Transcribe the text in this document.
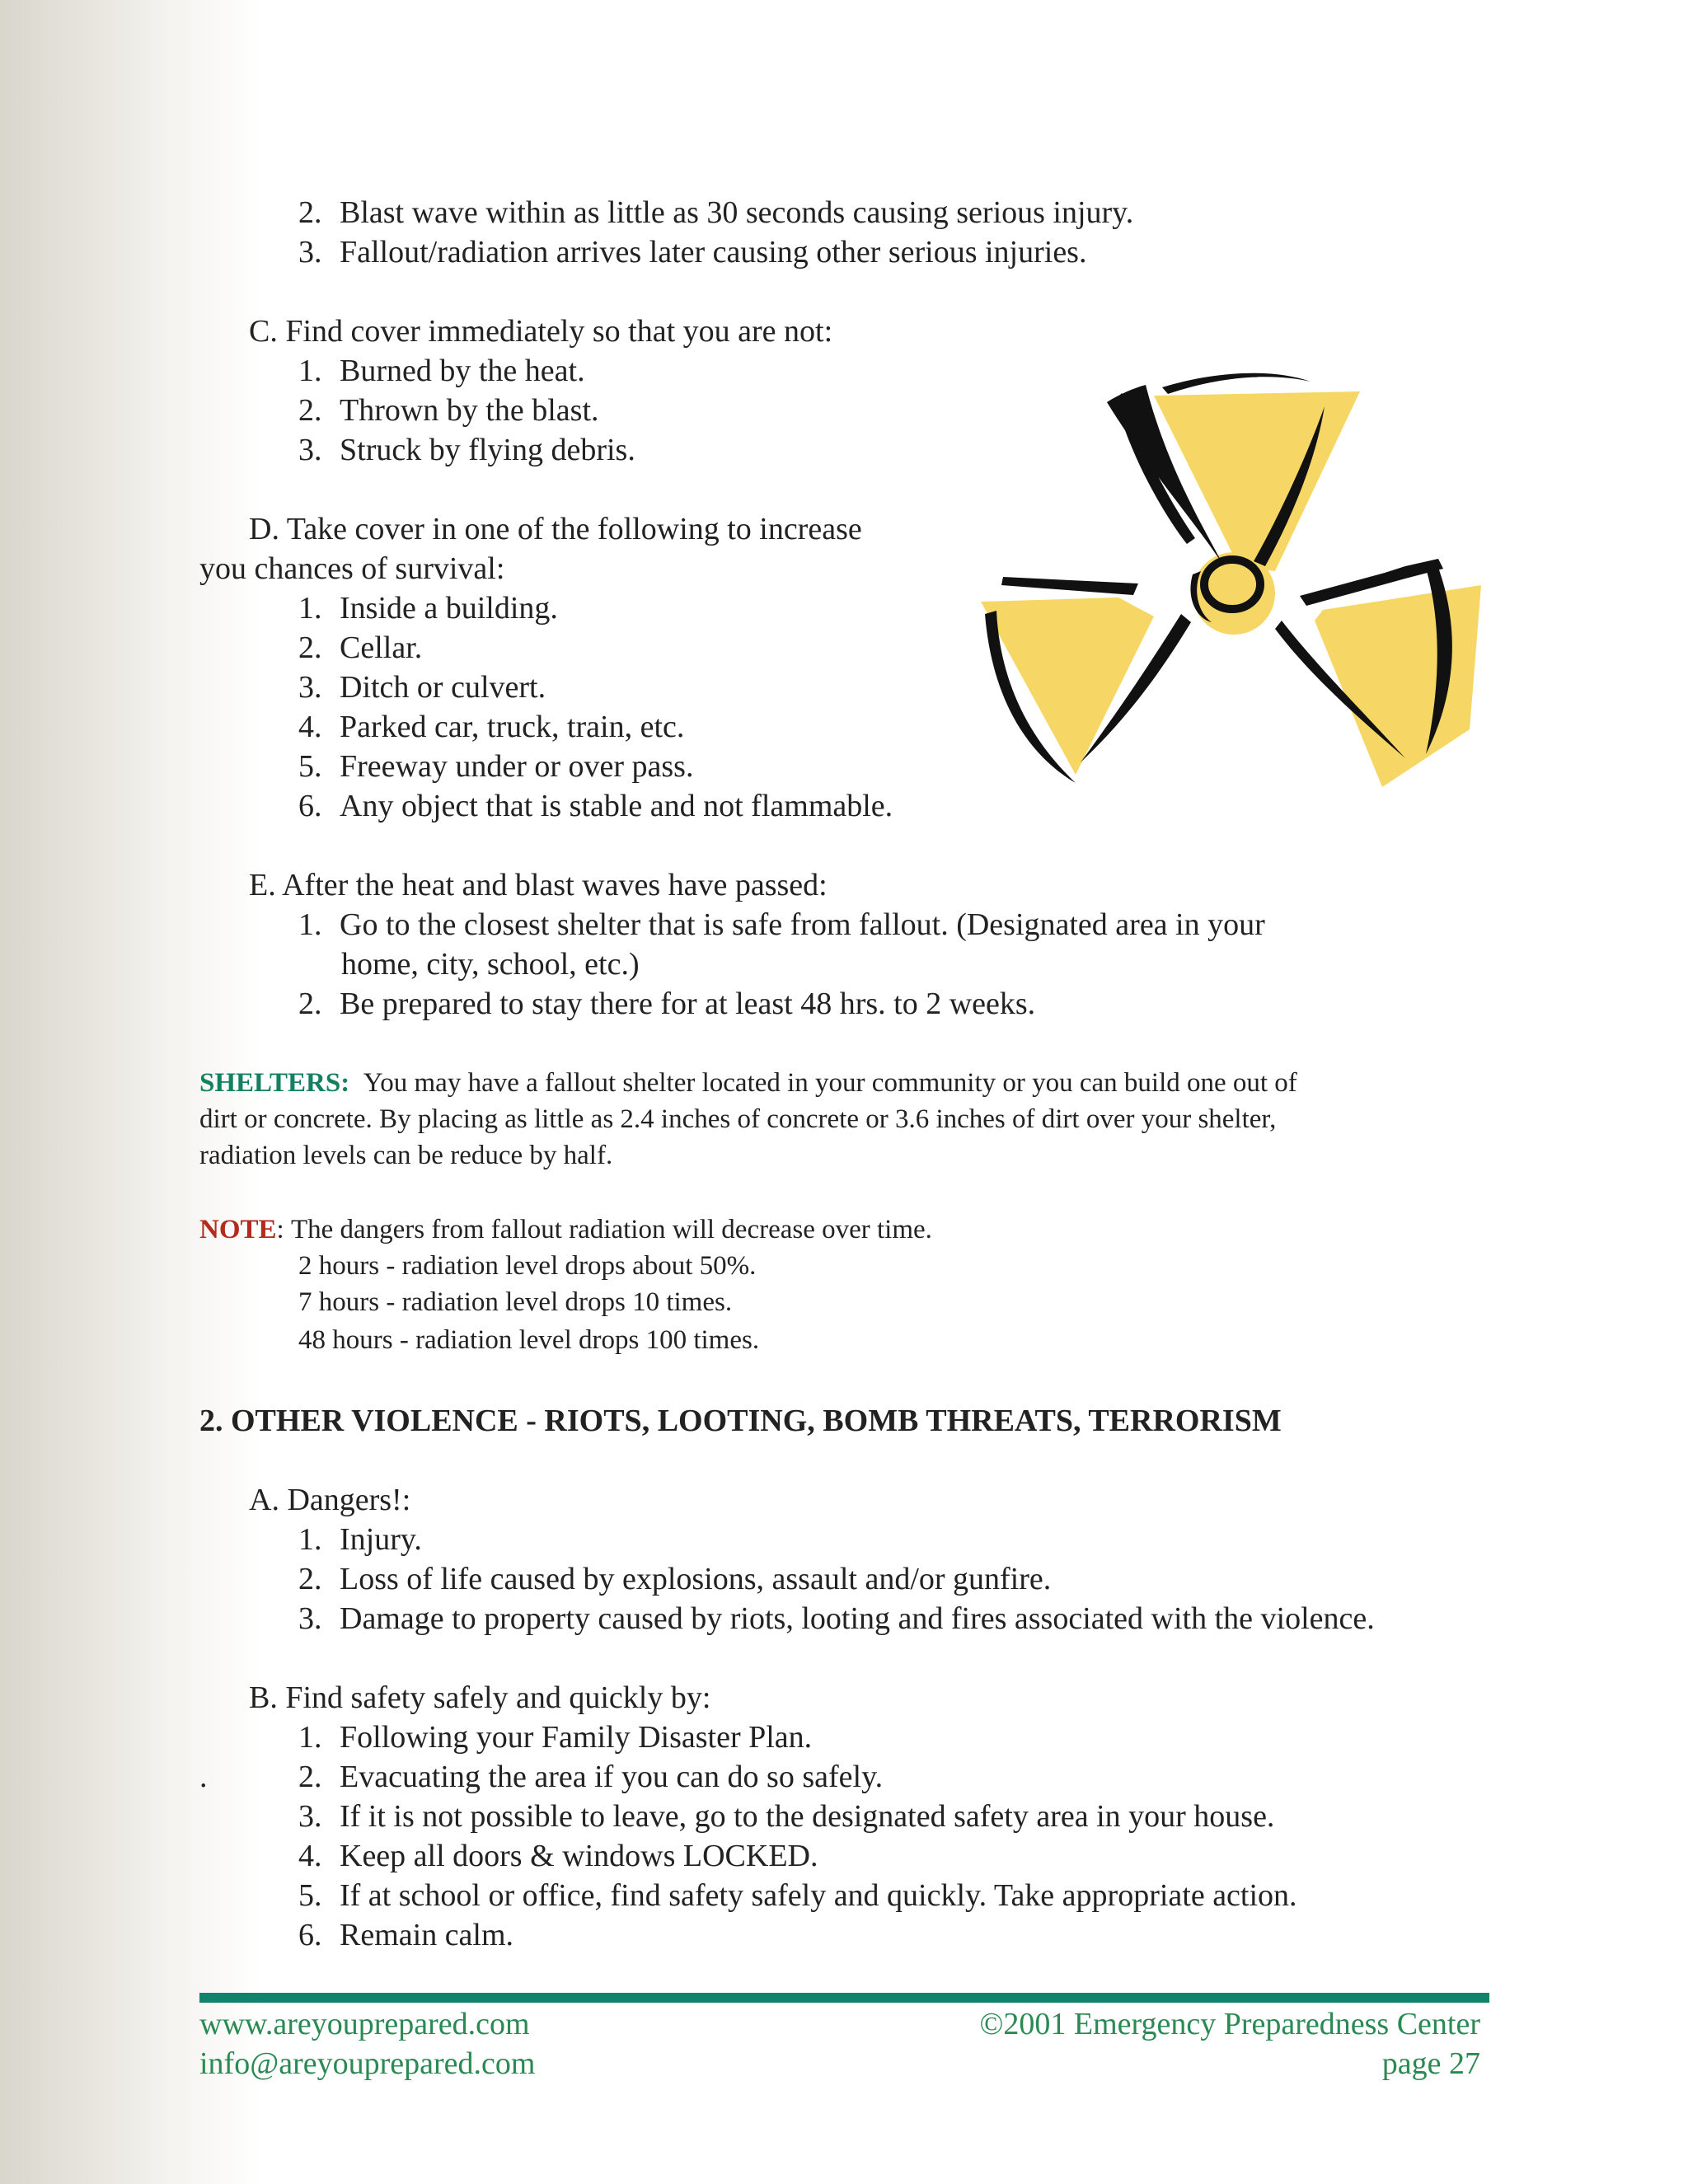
2. Blast wave within as little as 30 seconds causing serious injury.

3. Fallout/radiation arrives later causing other serious injuries.

C. Find cover immediately so that you are not:

1. Burned by the heat.

2. Thrown by the blast.

3. Struck by flying debris.

D. Take cover in one of the following to increase

you chances of survival:

1. Inside a building.

2. Cellar.

3. Ditch or culvert.

4. Parked car, truck, train, etc.

5. Freeway under or over pass.

6. Any object that is stable and not flammable.

E. After the heat and blast waves have passed:

1. Go to the closest shelter that is safe from fallout. (Designated area in your

home, city, school, etc.)

2. Be prepared to stay there for at least 48 hrs. to 2 weeks.

SHELTERS: You may have a fallout shelter located in your community or you can build one out of

dirt or concrete. By placing as little as 2.4 inches of concrete or 3.6 inches of dirt over your shelter,

radiation levels can be reduce by half.

NOTE: The dangers from fallout radiation will decrease over time.

2 hours - radiation level drops about 50%.

7 hours - radiation level drops 10 times.

48 hours - radiation level drops 100 times.

2. OTHER VIOLENCE - RIOTS, LOOTING, BOMB THREATS, TERRORISM

A. Dangers!:

1. Injury.

2. Loss of life caused by explosions, assault and/or gunfire.

3. Damage to property caused by riots, looting and fires associated with the violence.

B. Find safety safely and quickly by:

1. Following your Family Disaster Plan.

.	2. Evacuating the area if you can do so safely.

3. If it is not possible to leave, go to the designated safety area in your house.

4. Keep all doors & windows LOCKED.

5. If at school or office, find safety safely and quickly. Take appropriate action.

6. Remain calm.

www.areyouprepared.com
info@areyouprepared.com
©2001 Emergency Preparedness Center
page 27
